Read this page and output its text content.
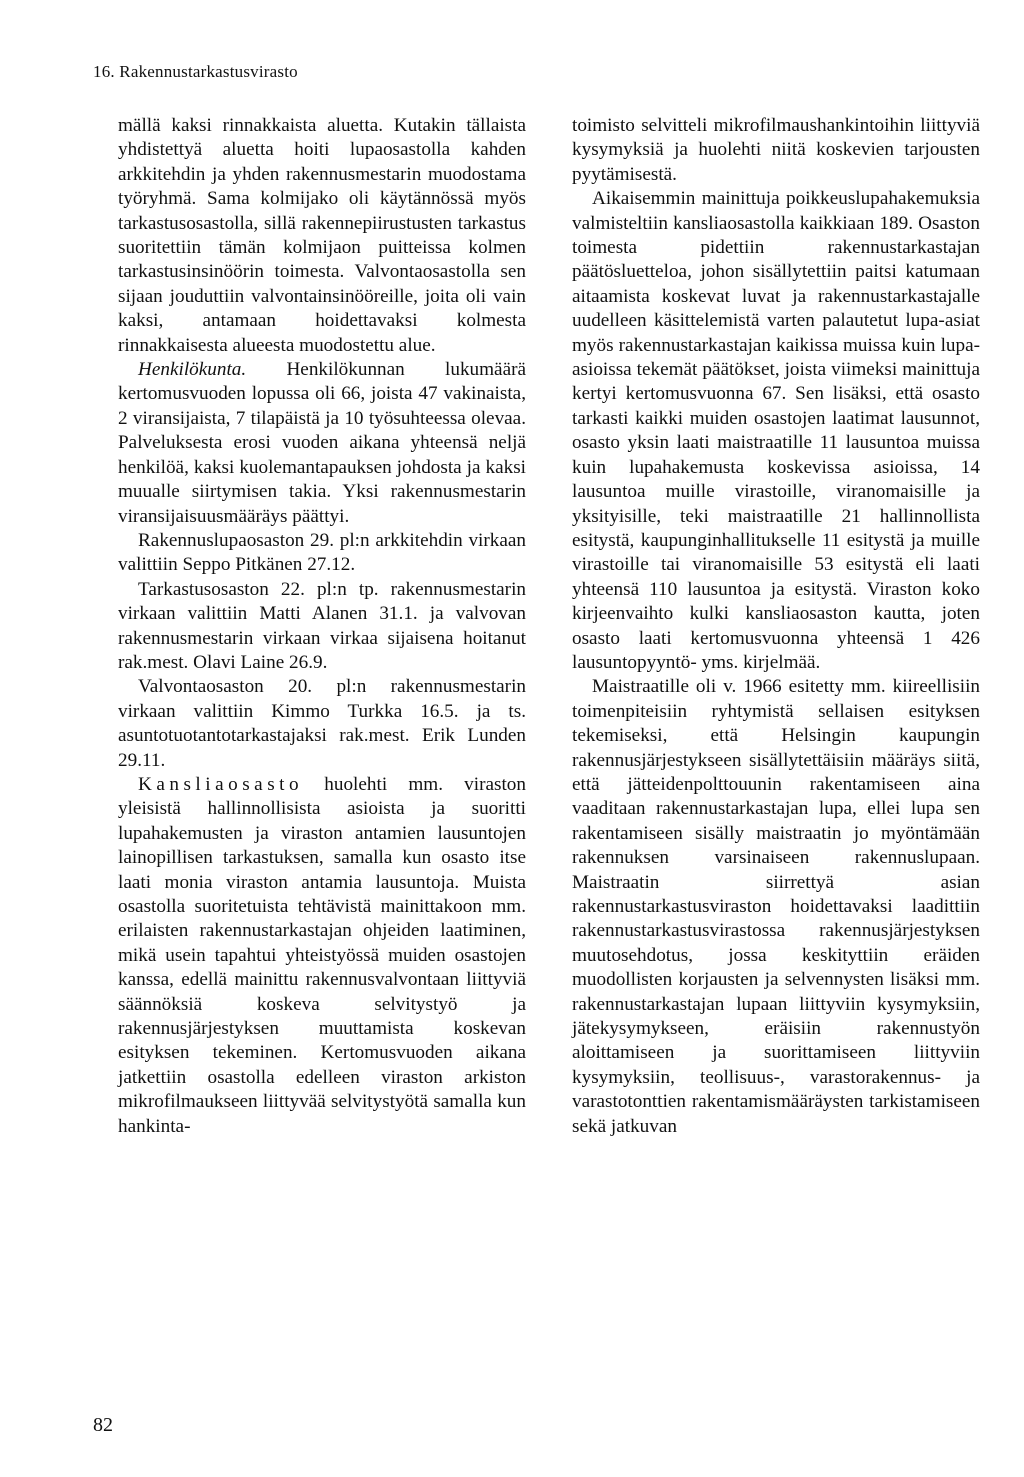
16. Rakennustarkastusvirasto

mällä kaksi rinnakkaista aluetta. Kutakin tällaista yhdistettyä aluetta hoiti lupaosastolla kahden arkkitehdin ja yhden rakennusmestarin muodostama työryhmä. Sama kolmijako oli käytännössä myös tarkastusosastolla, sillä rakennepiirustusten tarkastus suoritettiin tämän kolmijaon puitteissa kolmen tarkastusinsinöörin toimesta. Valvontaosastolla sen sijaan jouduttiin valvontainsinööreille, joita oli vain kaksi, antamaan hoidettavaksi kolmesta rinnakkaisesta alueesta muodostettu alue.

Henkilökunta. Henkilökunnan lukumäärä kertomusvuoden lopussa oli 66, joista 47 vakinaista, 2 viransijaista, 7 tilapäistä ja 10 työsuhteessa olevaa. Palveluksesta erosi vuoden aikana yhteensä neljä henkilöä, kaksi kuolemantapauksen johdosta ja kaksi muualle siirtymisen takia. Yksi rakennusmestarin viransijaisuusmääräys päättyi.

Rakennuslupaosaston 29. pl:n arkkitehdin virkaan valittiin Seppo Pitkänen 27.12.

Tarkastusosaston 22. pl:n tp. rakennusmestarin virkaan valittiin Matti Alanen 31.1. ja valvovan rakennusmestarin virkaan virkaa sijaisena hoitanut rak.mest. Olavi Laine 26.9.

Valvontaosaston 20. pl:n rakennusmestarin virkaan valittiin Kimmo Turkka 16.5. ja ts. asuntotuotantotarkastajaksi rak.mest. Erik Lunden 29.11.

Kansliaosasto huolehti mm. viraston yleisistä hallinnollisista asioista ja suoritti lupahakemusten ja viraston antamien lausuntojen lainopillisen tarkastuksen, samalla kun osasto itse laati monia viraston antamia lausuntoja. Muista osastolla suoritetuista tehtävistä mainittakoon mm. erilaisten rakennustarkastajan ohjeiden laatiminen, mikä usein tapahtui yhteistyössä muiden osastojen kanssa, edellä mainittu rakennusvalvontaan liittyviä säännöksiä koskeva selvitystyö ja rakennusjärjestyksen muuttamista koskevan esityksen tekeminen. Kertomusvuoden aikana jatkettiin osastolla edelleen viraston arkiston mikrofilmaukseen liittyvää selvitystyötä samalla kun hankinta-

toimisto selvitteli mikrofilmaushankintoihin liittyviä kysymyksiä ja huolehti niitä koskevien tarjousten pyytämisestä.

Aikaisemmin mainittuja poikkeuslupahakemuksia valmisteltiin kansliaosastolla kaikkiaan 189. Osaston toimesta pidettiin rakennustarkastajan päätösluetteloa, johon sisällytettiin paitsi katumaan aitaamista koskevat luvat ja rakennustarkastajalle uudelleen käsittelemistä varten palautetut lupa-asiat myös rakennustarkastajan kaikissa muissa kuin lupa-asioissa tekemät päätökset, joista viimeksi mainittuja kertyi kertomusvuonna 67. Sen lisäksi, että osasto tarkasti kaikki muiden osastojen laatimat lausunnot, osasto yksin laati maistraatille 11 lausuntoa muissa kuin lupahakemusta koskevissa asioissa, 14 lausuntoa muille virastoille, viranomaisille ja yksityisille, teki maistraatille 21 hallinnollista esitystä, kaupunginhallitukselle 11 esitystä ja muille virastoille tai viranomaisille 53 esitystä eli laati yhteensä 110 lausuntoa ja esitystä. Viraston koko kirjeenvaihto kulki kansliaosaston kautta, joten osasto laati kertomusvuonna yhteensä 1 426 lausuntopyyntö- yms. kirjelmää.

Maistraatille oli v. 1966 esitetty mm. kiireellisiin toimenpiteisiin ryhtymistä sellaisen esityksen tekemiseksi, että Helsingin kaupungin rakennusjärjestykseen sisällytettäisiin määräys siitä, että jätteidenpolttouunin rakentamiseen aina vaaditaan rakennustarkastajan lupa, ellei lupa sen rakentamiseen sisälly maistraatin jo myöntämään rakennuksen varsinaiseen rakennuslupaan. Maistraatin siirrettyä asian rakennustarkastusviraston hoidettavaksi laadittiin rakennustarkastusvirastossa rakennusjärjestyksen muutosehdotus, jossa keskityttiin eräiden muodollisten korjausten ja selvennysten lisäksi mm. rakennustarkastajan lupaan liittyviin kysymyksiin, jätekysymykseen, eräisiin rakennustyön aloittamiseen ja suorittamiseen liittyviin kysymyksiin, teollisuus-, varastorakennus- ja varastotonttien rakentamismääräysten tarkistamiseen sekä jatkuvan

82
